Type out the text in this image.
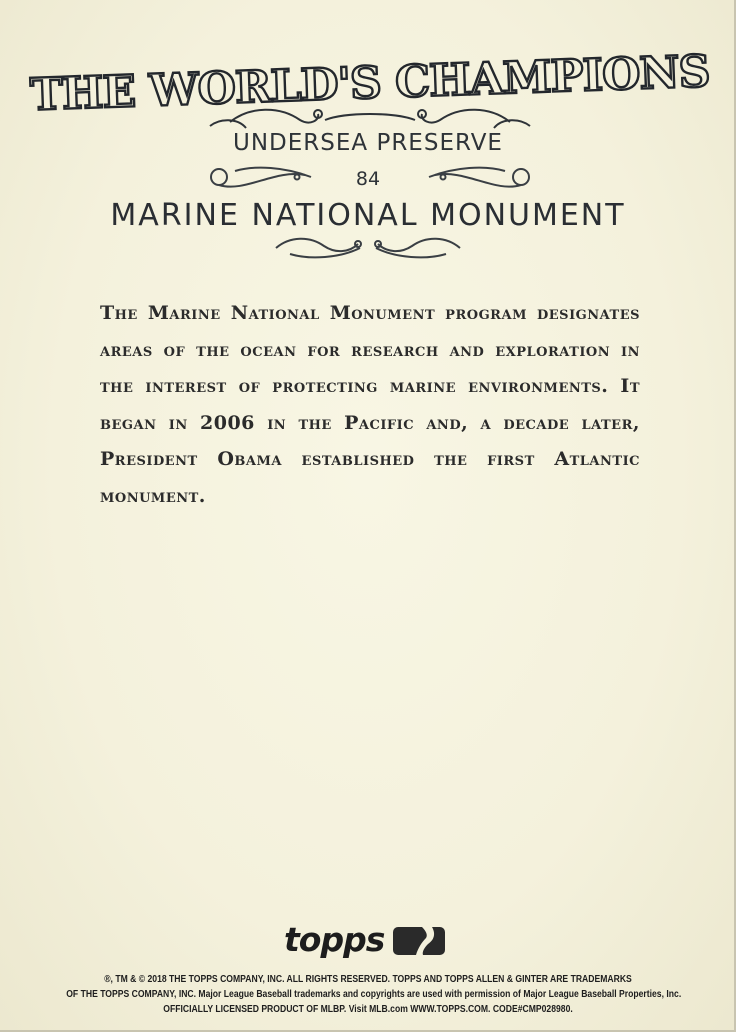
THE WORLD'S CHAMPIONS
UNDERSEA PRESERVE
84
MARINE NATIONAL MONUMENT
The Marine National Monument program designates areas of the ocean for research and exploration in the interest of protecting marine environments. It began in 2006 in the Pacific and, a decade later, President Obama established the first Atlantic monument.
topps
®, TM & © 2018 THE TOPPS COMPANY, INC. ALL RIGHTS RESERVED. TOPPS AND TOPPS ALLEN & GINTER ARE TRADEMARKS
OF THE TOPPS COMPANY, INC. Major League Baseball trademarks and copyrights are used with permission of Major League Baseball Properties, Inc.
OFFICIALLY LICENSED PRODUCT OF MLBP. Visit MLB.com WWW.TOPPS.COM. CODE#CMP028980.
